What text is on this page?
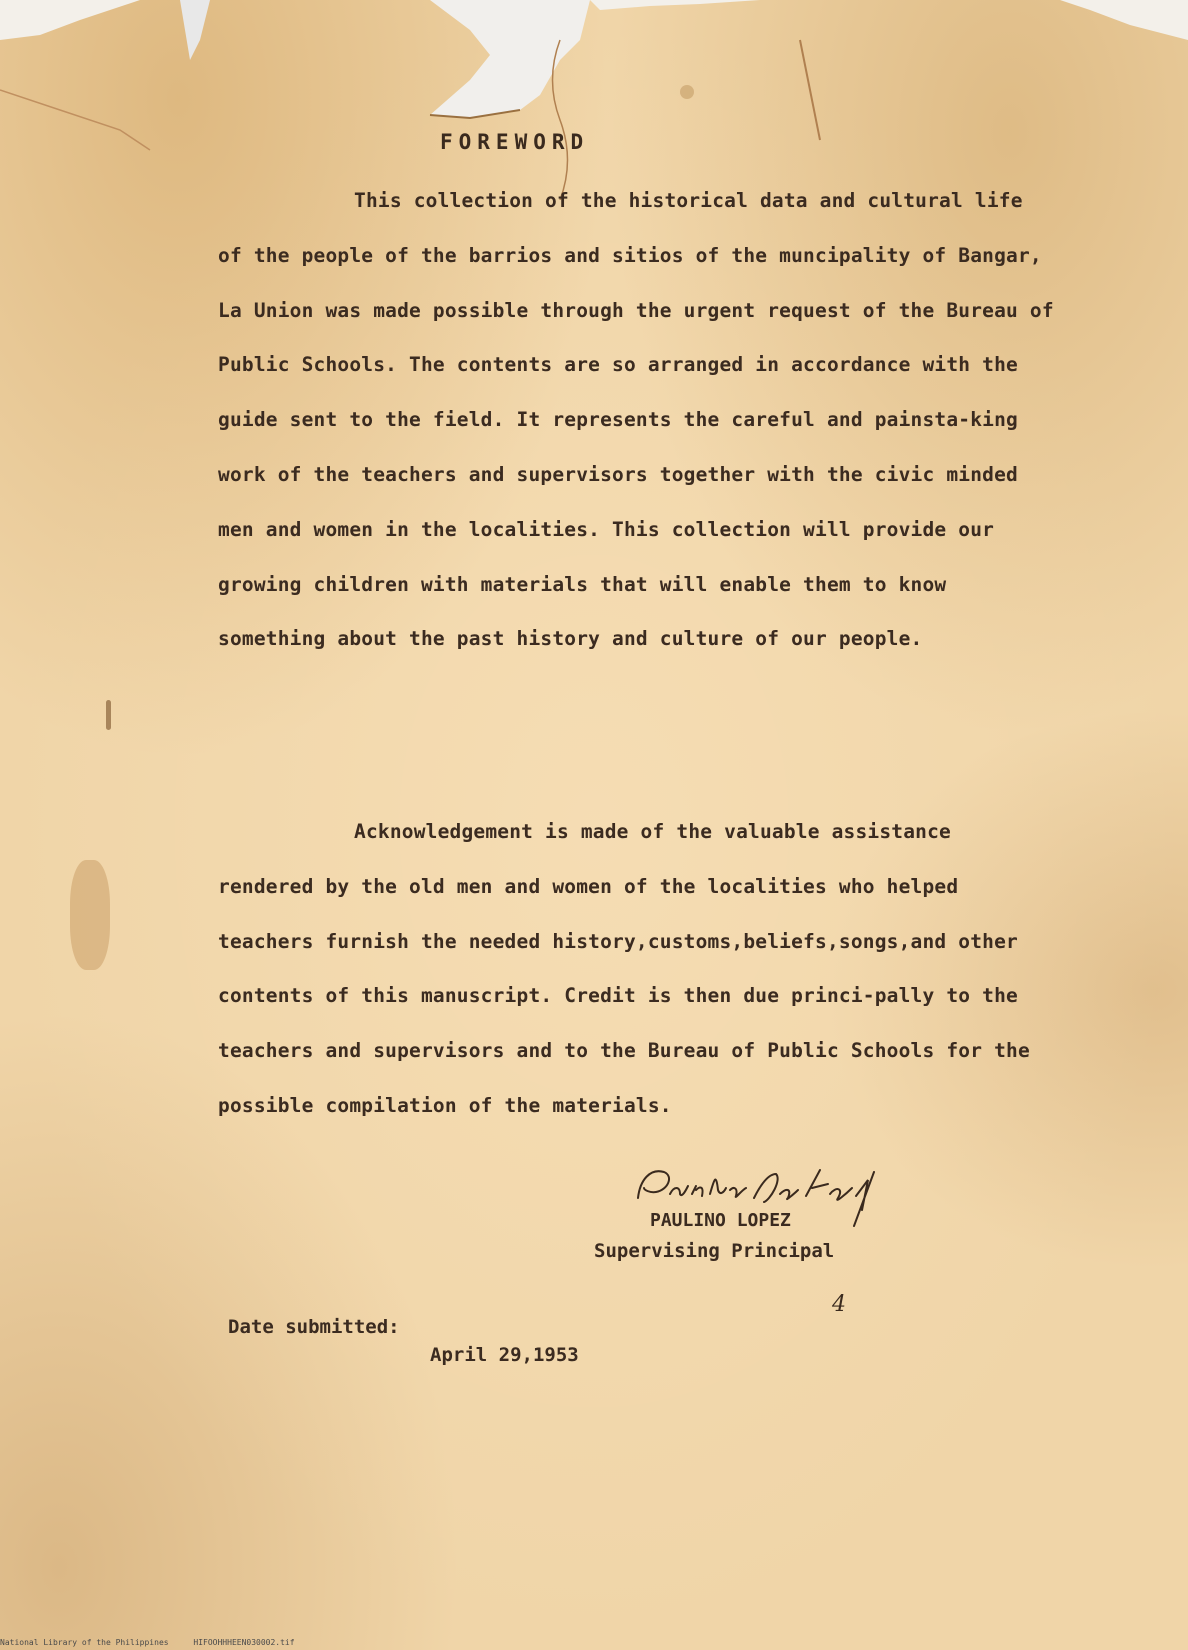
FOREWORD
This collection of the historical data and cultural life of the people of the barrios and sitios of the muncipality of Bangar, La Union was made possible through the urgent request of the Bureau of Public Schools. The contents are so arranged in accordance with the guide sent to the field. It represents the careful and painsta-king work of the teachers and supervisors together with the civic minded men and women in the localities. This collection will provide our growing children with materials that will enable them to know something about the past history and culture of our people.
Acknowledgement is made of the valuable assistance rendered by the old men and women of the localities who helped teachers furnish the needed history,customs,beliefs,songs,and other contents of this manuscript. Credit is then due princi-pally to the teachers and supervisors and to the Bureau of Public Schools for the possible compilation of the materials.
PAULINO LOPEZ
Supervising Principal
4
Date submitted:
April 29,1953
National Library of the Philippines	HIFOOHHHEEN030002.tif
